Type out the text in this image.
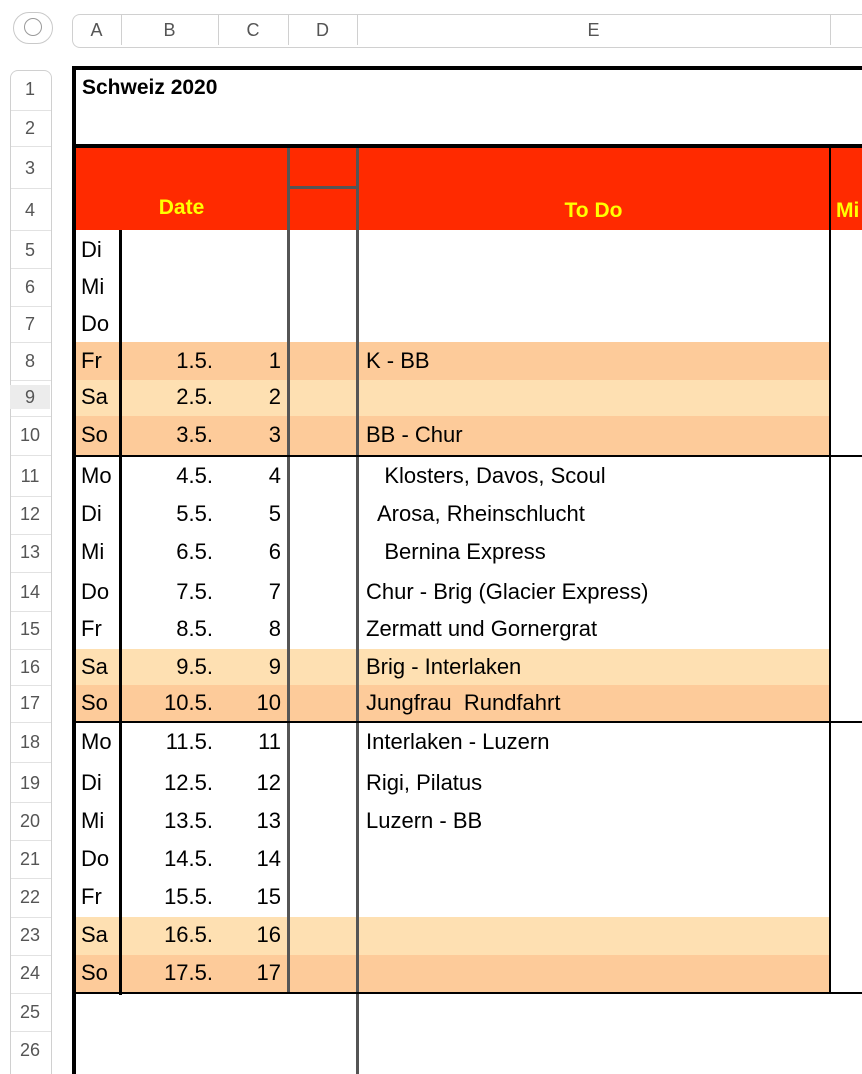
A	B	C	D	E
1
2
3
4
5
6
7
8
9
10
11
12
13
14
15
16
17
18
19
20
21
22
23
24
25
26
Date	To Do	Mi
Schweiz 2020
Di
Mi
Do
Fr	1.5.	1	K - BB
Sa	2.5.	2
So	3.5.	3	BB - Chur
Mo	4.5.	4	Klosters, Davos, Scoul
Di	5.5.	5	Arosa, Rheinschlucht
Mi	6.5.	6	Bernina Express
Do	7.5.	7	Chur - Brig (Glacier Express)
Fr	8.5.	8	Zermatt und Gornergrat
Sa	9.5.	9	Brig - Interlaken
So	10.5.	10	Jungfrau  Rundfahrt
Mo	11.5.	11	Interlaken - Luzern
Di	12.5.	12	Rigi, Pilatus
Mi	13.5.	13	Luzern - BB
Do	14.5.	14
Fr	15.5.	15
Sa	16.5.	16
So	17.5.	17
